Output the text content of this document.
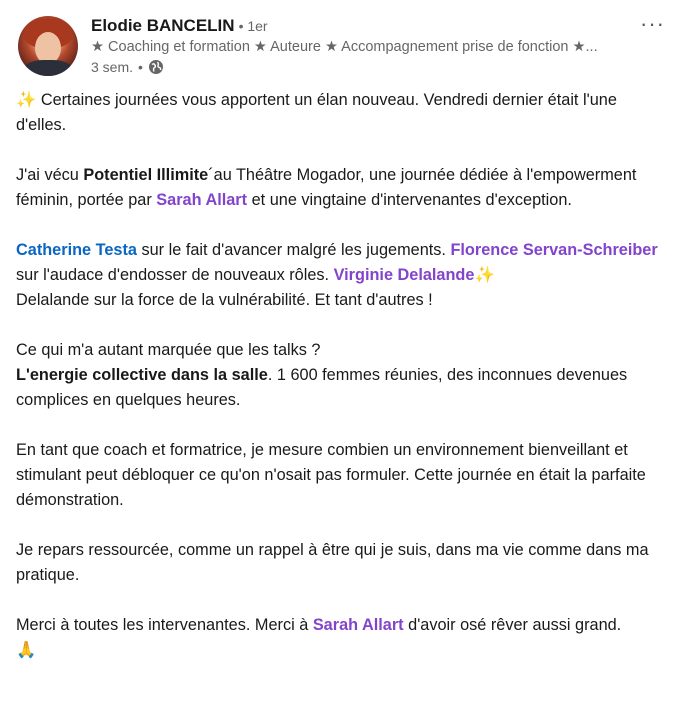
Elodie BANCELIN • 1er
★ Coaching et formation ★ Auteure ★ Accompagnement prise de fonction ★...
3 sem. •
···

✨ Certaines journées vous apportent un élan nouveau. Vendredi dernier était l'une d'elles.

J'ai vécu Potentiel Illimite´au Théâtre Mogador, une journée dédiée à l'empowerment féminin, portée par Sarah Allart et une vingtaine d'intervenantes d'exception.

Catherine Testa sur le fait d'avancer malgré les jugements. Florence Servan-Schreiber sur l'audace d'endosser de nouveaux rôles. Virginie Delalande✨
Delalande sur la force de la vulnérabilité. Et tant d'autres !

Ce qui m'a autant marquée que les talks ?
L'energie collective dans la salle. 1 600 femmes réunies, des inconnues devenues complices en quelques heures.

En tant que coach et formatrice, je mesure combien un environnement bienveillant et stimulant peut débloquer ce qu'on n'osait pas formuler. Cette journée en était la parfaite démonstration.

Je repars ressourcée, comme un rappel à être qui je suis, dans ma vie comme dans ma pratique.

Merci à toutes les intervenantes. Merci à Sarah Allart d'avoir osé rêver aussi grand.
🙏
